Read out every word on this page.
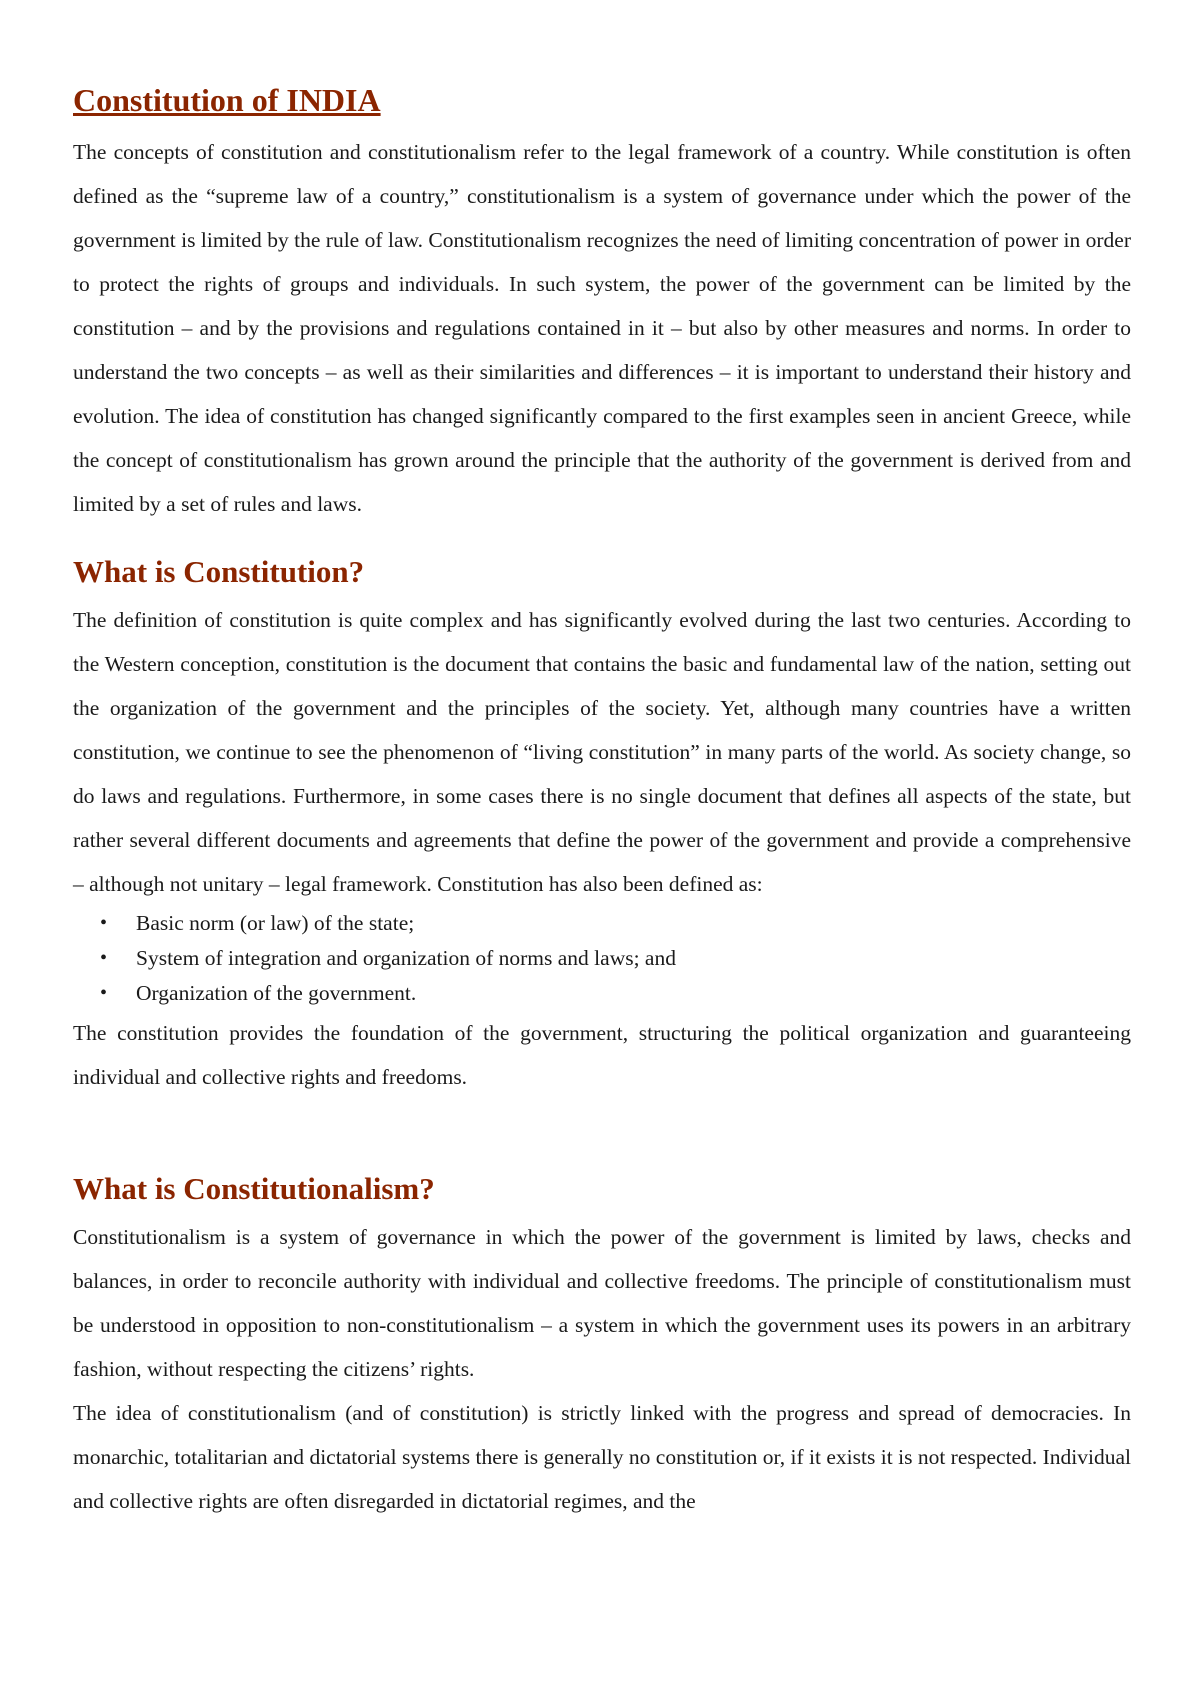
Constitution of INDIA

The concepts of constitution and constitutionalism refer to the legal framework of a country. While constitution is often defined as the “supreme law of a country,” constitutionalism is a system of governance under which the power of the government is limited by the rule of law. Constitutionalism recognizes the need of limiting concentration of power in order to protect the rights of groups and individuals. In such system, the power of the government can be limited by the constitution – and by the provisions and regulations contained in it – but also by other measures and norms. In order to understand the two concepts – as well as their similarities and differences – it is important to understand their history and evolution. The idea of constitution has changed significantly compared to the first examples seen in ancient Greece, while the concept of constitutionalism has grown around the principle that the authority of the government is derived from and limited by a set of rules and laws.

What is Constitution?

The definition of constitution is quite complex and has significantly evolved during the last two centuries. According to the Western conception, constitution is the document that contains the basic and fundamental law of the nation, setting out the organization of the government and the principles of the society. Yet, although many countries have a written constitution, we continue to see the phenomenon of “living constitution” in many parts of the world. As society change, so do laws and regulations. Furthermore, in some cases there is no single document that defines all aspects of the state, but rather several different documents and agreements that define the power of the government and provide a comprehensive – although not unitary – legal framework. Constitution has also been defined as:

• Basic norm (or law) of the state;
• System of integration and organization of norms and laws; and
• Organization of the government.

The constitution provides the foundation of the government, structuring the political organization and guaranteeing individual and collective rights and freedoms.

What is Constitutionalism?

Constitutionalism is a system of governance in which the power of the government is limited by laws, checks and balances, in order to reconcile authority with individual and collective freedoms. The principle of constitutionalism must be understood in opposition to non-constitutionalism – a system in which the government uses its powers in an arbitrary fashion, without respecting the citizens’ rights.

The idea of constitutionalism (and of constitution) is strictly linked with the progress and spread of democracies. In monarchic, totalitarian and dictatorial systems there is generally no constitution or, if it exists it is not respected. Individual and collective rights are often disregarded in dictatorial regimes, and the
